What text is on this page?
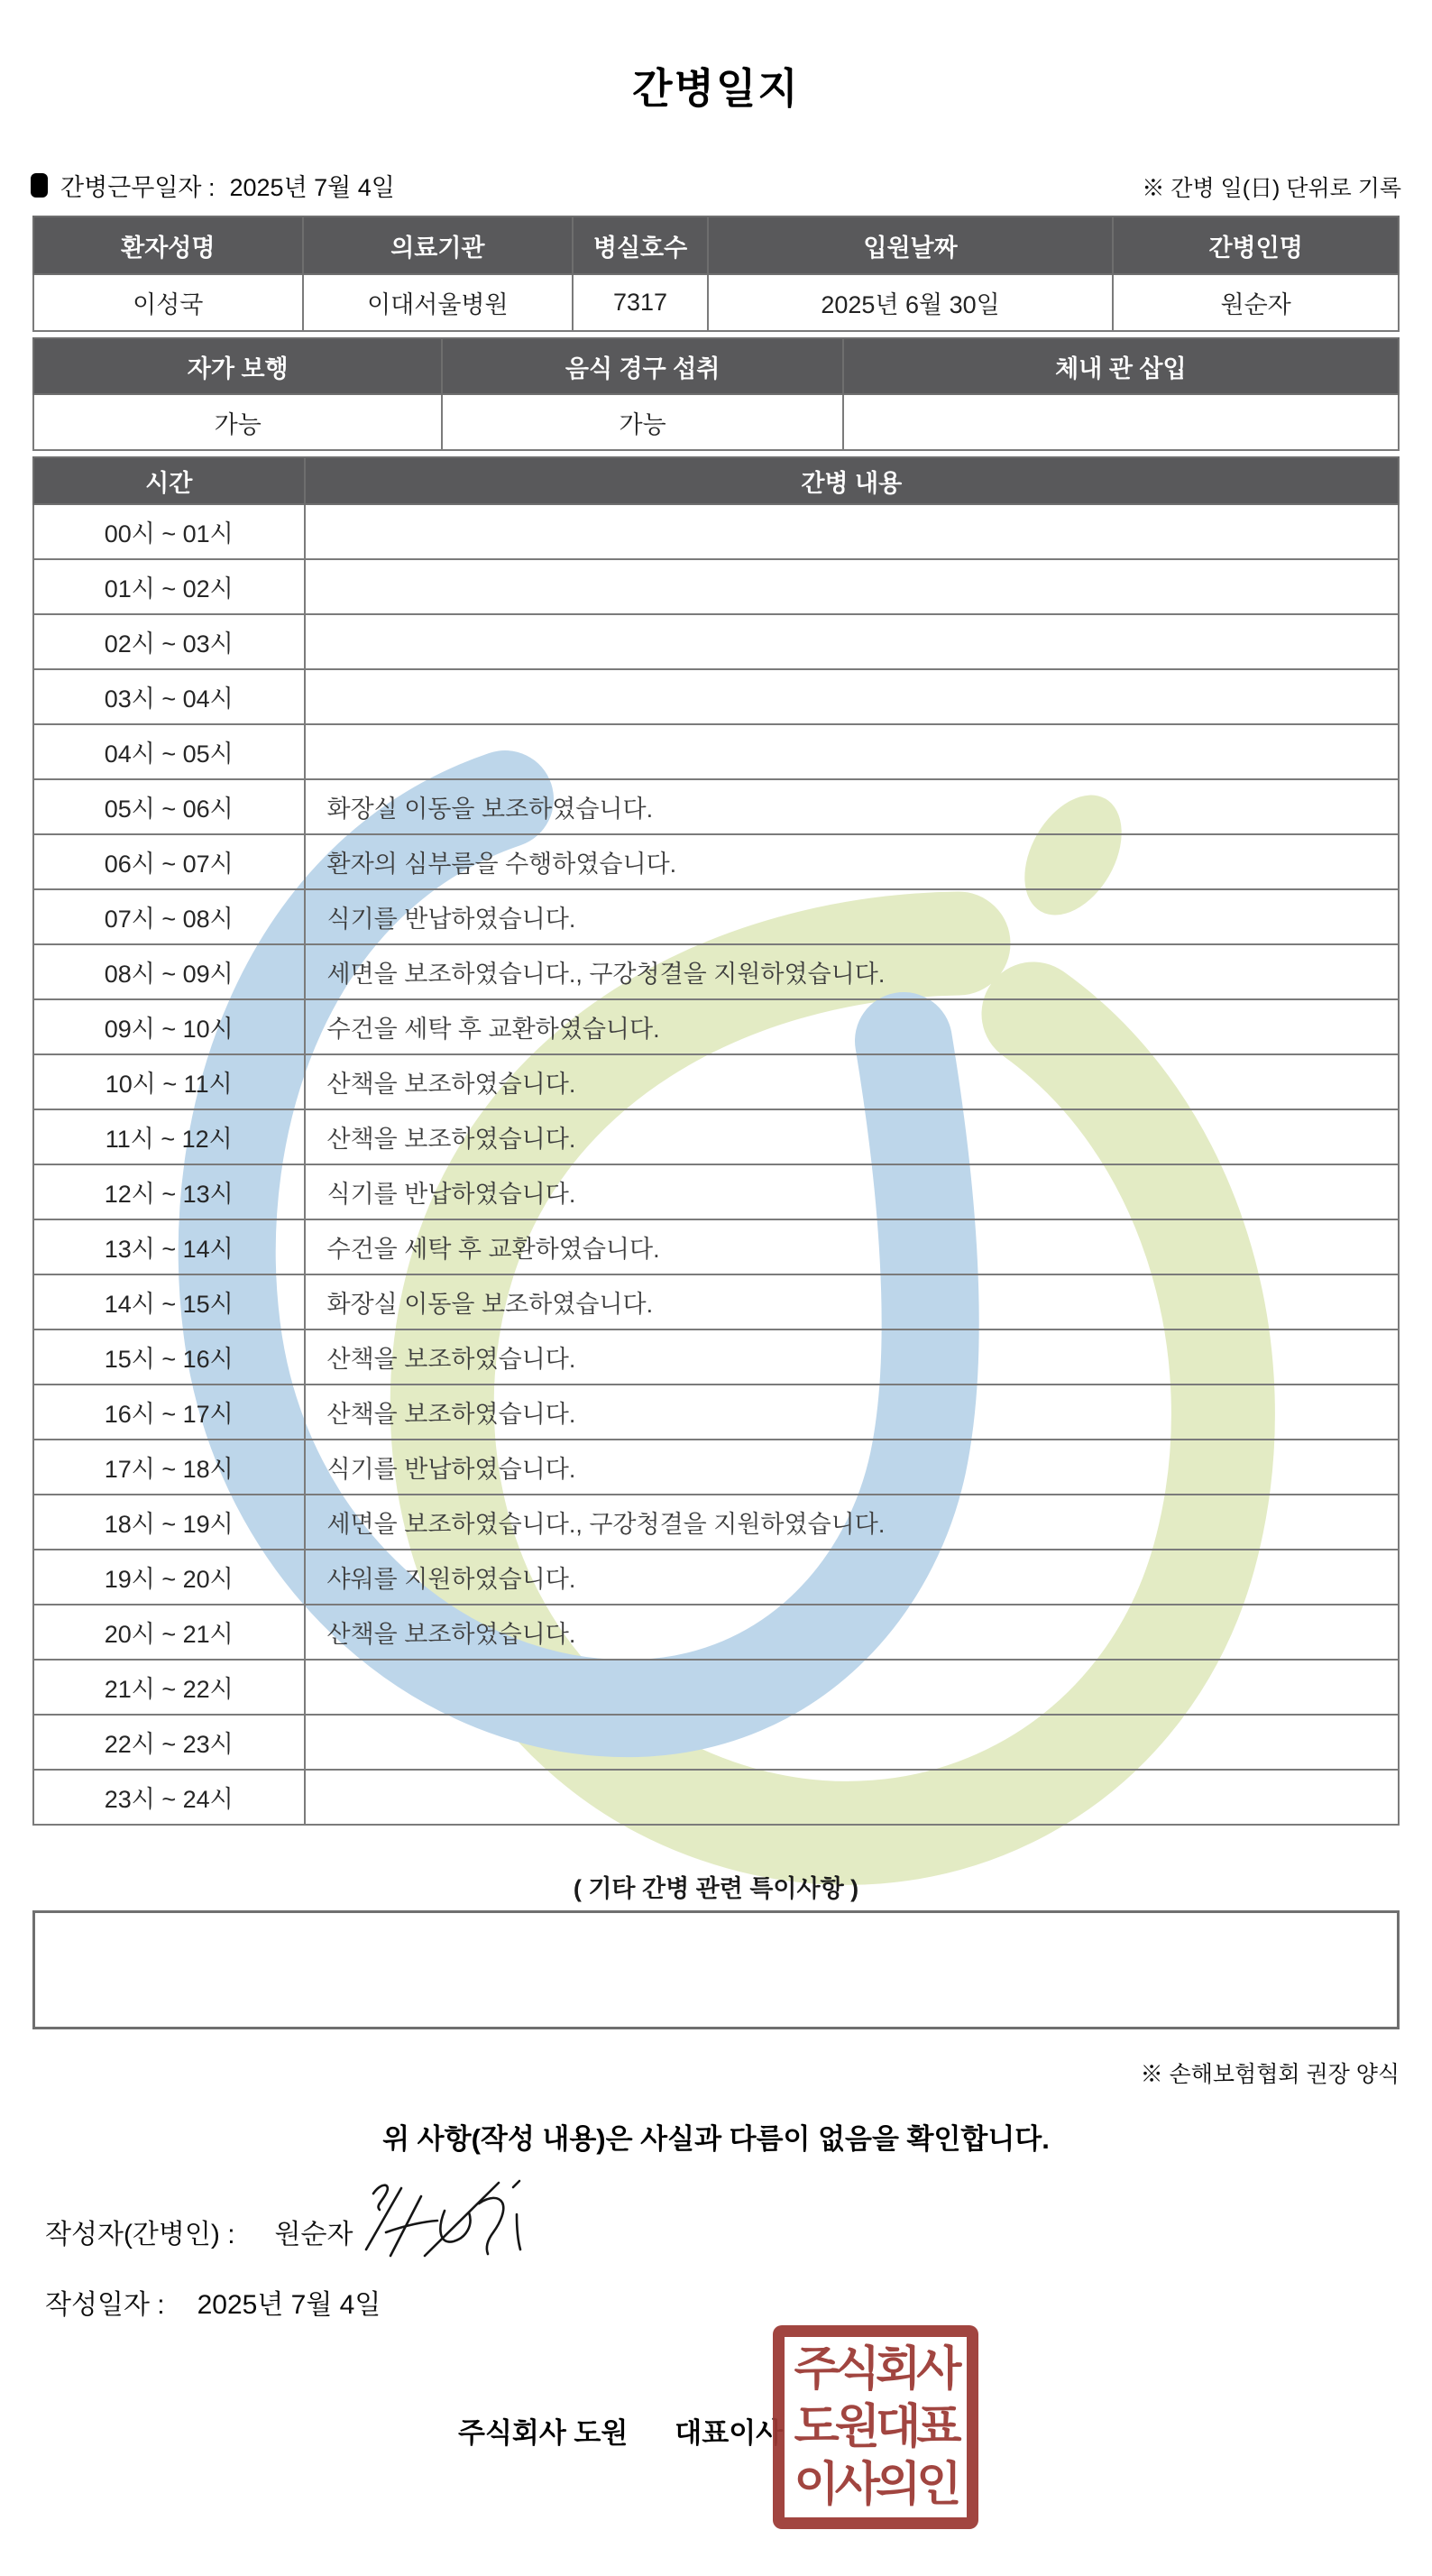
간병일지
간병근무일자 : 2025년 7월 4일	※ 간병 일(日) 단위로 기록
환자성명	의료기관	병실호수	입원날짜	간병인명
이성국	이대서울병원	7317	2025년 6월 30일	원순자
자가 보행	음식 경구 섭취	체내 관 삽입
가능	가능	
시간	간병 내용
00시 ~ 01시	
01시 ~ 02시	
02시 ~ 03시	
03시 ~ 04시	
04시 ~ 05시	
05시 ~ 06시	화장실 이동을 보조하였습니다.
06시 ~ 07시	환자의 심부름을 수행하였습니다.
07시 ~ 08시	식기를 반납하였습니다.
08시 ~ 09시	세면을 보조하였습니다., 구강청결을 지원하였습니다.
09시 ~ 10시	수건을 세탁 후 교환하였습니다.
10시 ~ 11시	산책을 보조하였습니다.
11시 ~ 12시	산책을 보조하였습니다.
12시 ~ 13시	식기를 반납하였습니다.
13시 ~ 14시	수건을 세탁 후 교환하였습니다.
14시 ~ 15시	화장실 이동을 보조하였습니다.
15시 ~ 16시	산책을 보조하였습니다.
16시 ~ 17시	산책을 보조하였습니다.
17시 ~ 18시	식기를 반납하였습니다.
18시 ~ 19시	세면을 보조하였습니다., 구강청결을 지원하였습니다.
19시 ~ 20시	샤워를 지원하였습니다.
20시 ~ 21시	산책을 보조하였습니다.
21시 ~ 22시	
22시 ~ 23시	
23시 ~ 24시	
( 기타 간병 관련 특이사항 )
※ 손해보험협회 권장 양식
위 사항(작성 내용)은 사실과 다름이 없음을 확인합니다.
작성자(간병인) : 원순자
작성일자 : 2025년 7월 4일
주식회사 도원 대표이사
주식회사
도원대표
이사의인
